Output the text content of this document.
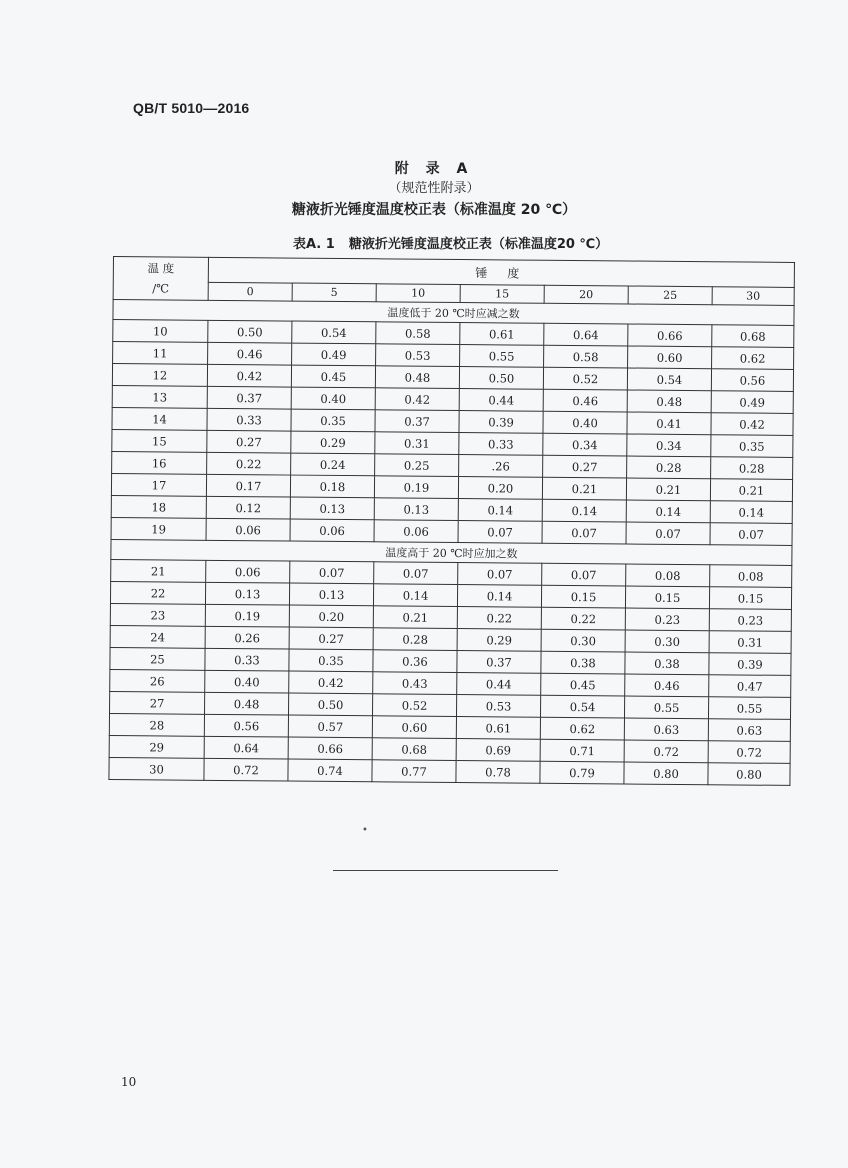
QB/T 5010—2016
附 录 A
（规范性附录）
糖液折光锤度温度校正表（标准温度 20 ℃）
表A. 1 糖液折光锤度温度校正表（标准温度20 ℃）
温 度
/℃	锤 度						
	0	5	10	15	20	25	30
温度低于 20 ℃时应减之数							
10	0.50	0.54	0.58	0.61	0.64	0.66	0.68
11	0.46	0.49	0.53	0.55	0.58	0.60	0.62
12	0.42	0.45	0.48	0.50	0.52	0.54	0.56
13	0.37	0.40	0.42	0.44	0.46	0.48	0.49
14	0.33	0.35	0.37	0.39	0.40	0.41	0.42
15	0.27	0.29	0.31	0.33	0.34	0.34	0.35
16	0.22	0.24	0.25	.26	0.27	0.28	0.28
17	0.17	0.18	0.19	0.20	0.21	0.21	0.21
18	0.12	0.13	0.13	0.14	0.14	0.14	0.14
19	0.06	0.06	0.06	0.07	0.07	0.07	0.07
温度高于 20 ℃时应加之数							
21	0.06	0.07	0.07	0.07	0.07	0.08	0.08
22	0.13	0.13	0.14	0.14	0.15	0.15	0.15
23	0.19	0.20	0.21	0.22	0.22	0.23	0.23
24	0.26	0.27	0.28	0.29	0.30	0.30	0.31
25	0.33	0.35	0.36	0.37	0.38	0.38	0.39
26	0.40	0.42	0.43	0.44	0.45	0.46	0.47
27	0.48	0.50	0.52	0.53	0.54	0.55	0.55
28	0.56	0.57	0.60	0.61	0.62	0.63	0.63
29	0.64	0.66	0.68	0.69	0.71	0.72	0.72
30	0.72	0.74	0.77	0.78	0.79	0.80	0.80
•
10
